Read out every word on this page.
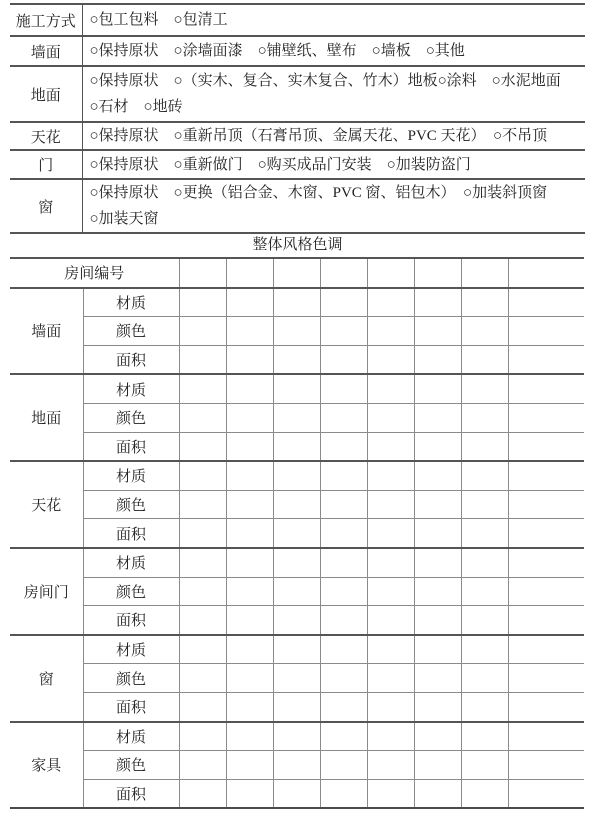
施工方式	○包工包料　○包清工

墙面	○保持原状　○涂墙面漆　○铺壁纸、壁布　○墙板　○其他

地面	○保持原状　○（实木、复合、实木复合、竹木）地板○涂料　○水泥地面
○石材　○地砖

天花	○保持原状　○重新吊顶（石膏吊顶、金属天花、PVC 天花）　○不吊顶

门	○保持原状　○重新做门　○购买成品门安装　○加装防盗门

窗	○保持原状　○更换（铝合金、木窗、PVC 窗、铝包木）　○加装斜顶窗
○加装天窗
整体风格色调
房间编号									
墙面	材质								
	颜色								
	面积								
地面	材质								
	颜色								
	面积								
天花	材质								
	颜色								
	面积								
房间门	材质								
	颜色								
	面积								
窗	材质								
	颜色								
	面积								
家具	材质								
	颜色								
	面积								
